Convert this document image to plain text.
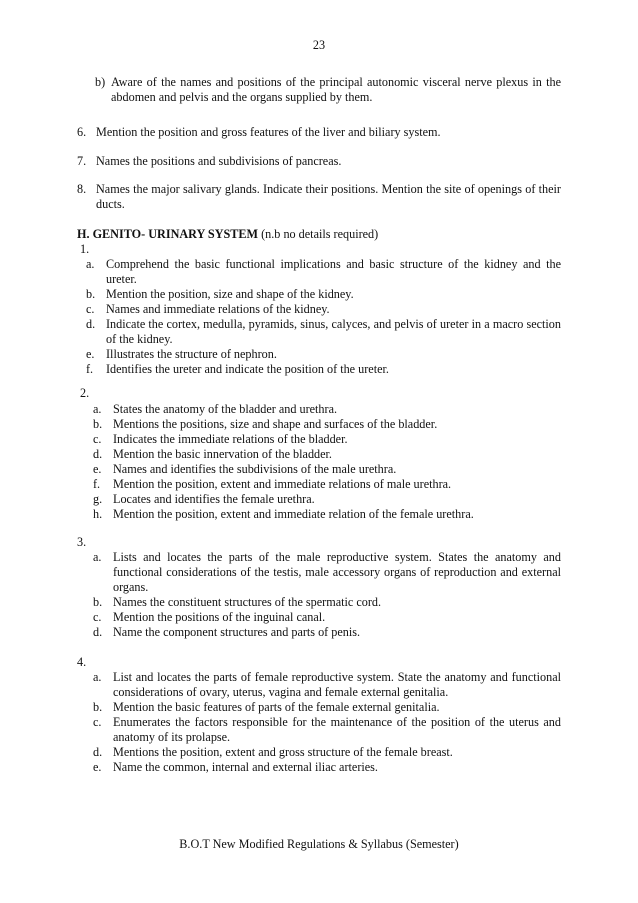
23
b) Aware of the names and positions of the principal autonomic visceral nerve plexus in the abdomen and pelvis and the organs supplied by them.
6. Mention the position and gross features of the liver and biliary system.
7. Names the positions and subdivisions of pancreas.
8. Names the major salivary glands. Indicate their positions. Mention the site of openings of their ducts.
H. GENITO- URINARY SYSTEM (n.b no details required)
1.
a. Comprehend the basic functional implications and basic structure of the kidney and the ureter.
b. Mention the position, size and shape of the kidney.
c. Names and immediate relations of the kidney.
d. Indicate the cortex, medulla, pyramids, sinus, calyces, and pelvis of ureter in a macro section of the kidney.
e. Illustrates the structure of nephron.
f.	Identifies the ureter and indicate the position of the ureter.
2.
a. States the anatomy of the bladder and urethra.
b. Mentions the positions, size and shape and surfaces of the bladder.
c. Indicates the immediate relations of the bladder.
d. Mention the basic innervation of the bladder.
e. Names and identifies the subdivisions of the male urethra.
f.	Mention the position, extent and immediate relations of male urethra.
g. Locates and identifies the female urethra.
h. Mention the position, extent and immediate relation of the female urethra.
3.
a. Lists and locates the parts of the male reproductive system. States the anatomy and functional considerations of the testis, male accessory organs of reproduction and external organs.
b. Names the constituent structures of the spermatic cord.
c. Mention the positions of the inguinal canal.
d. Name the component structures and parts of penis.
4.
a. List and locates the parts of female reproductive system. State the anatomy and functional considerations of ovary, uterus, vagina and female external genitalia.
b. Mention the basic features of parts of the female external genitalia.
c. Enumerates the factors responsible for the maintenance of the position of the uterus and anatomy of its prolapse.
d. Mentions the position, extent and gross structure of the female breast.
e. Name the common, internal and external iliac arteries.
B.O.T New Modified Regulations & Syllabus (Semester)
